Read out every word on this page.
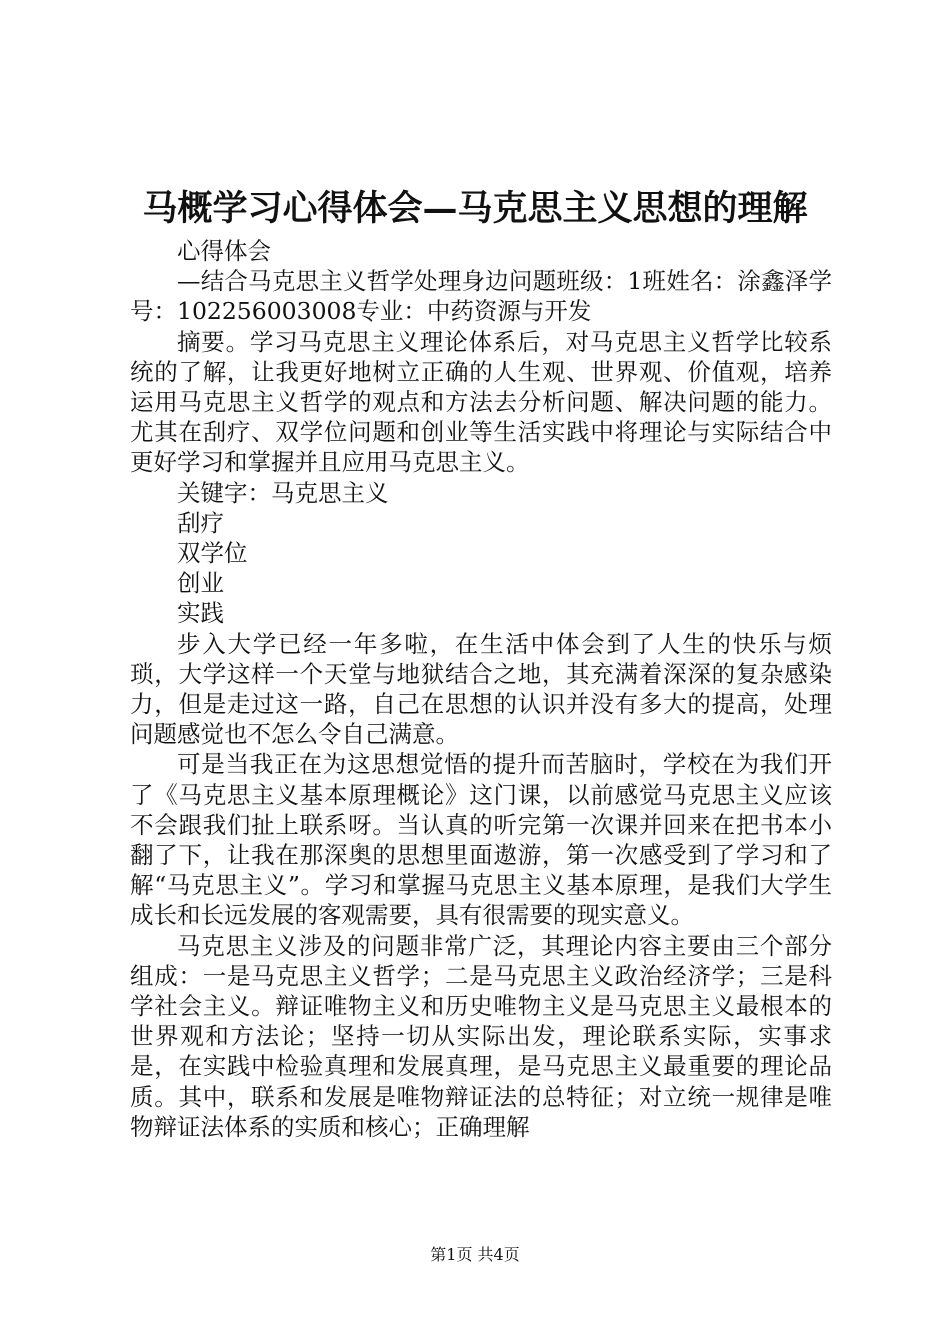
马概学习心得体会—马克思主义思想的理解

心得体会

—结合马克思主义哲学处理身边问题班级：1班姓名：涂鑫泽学号：102256003008专业：中药资源与开发

摘要。学习马克思主义理论体系后，对马克思主义哲学比较系统的了解，让我更好地树立正确的人生观、世界观、价值观，培养运用马克思主义哲学的观点和方法去分析问题、解决问题的能力。尤其在刮疗、双学位问题和创业等生活实践中将理论与实际结合中更好学习和掌握并且应用马克思主义。

关键字：马克思主义

刮疗

双学位

创业

实践

步入大学已经一年多啦，在生活中体会到了人生的快乐与烦琐，大学这样一个天堂与地狱结合之地，其充满着深深的复杂感染力，但是走过这一路，自己在思想的认识并没有多大的提高，处理问题感觉也不怎么令自己满意。

可是当我正在为这思想觉悟的提升而苦脑时，学校在为我们开了《马克思主义基本原理概论》这门课，以前感觉马克思主义应该不会跟我们扯上联系呀。当认真的听完第一次课并回来在把书本小翻了下，让我在那深奥的思想里面遨游，第一次感受到了学习和了解“马克思主义”。学习和掌握马克思主义基本原理，是我们大学生成长和长远发展的客观需要，具有很需要的现实意义。

马克思主义涉及的问题非常广泛，其理论内容主要由三个部分组成：一是马克思主义哲学；二是马克思主义政治经济学；三是科学社会主义。辩证唯物主义和历史唯物主义是马克思主义最根本的世界观和方法论；坚持一切从实际出发，理论联系实际，实事求是，在实践中检验真理和发展真理，是马克思主义最重要的理论品质。其中，联系和发展是唯物辩证法的总特征；对立统一规律是唯物辩证法体系的实质和核心；正确理解

第1页 共4页
